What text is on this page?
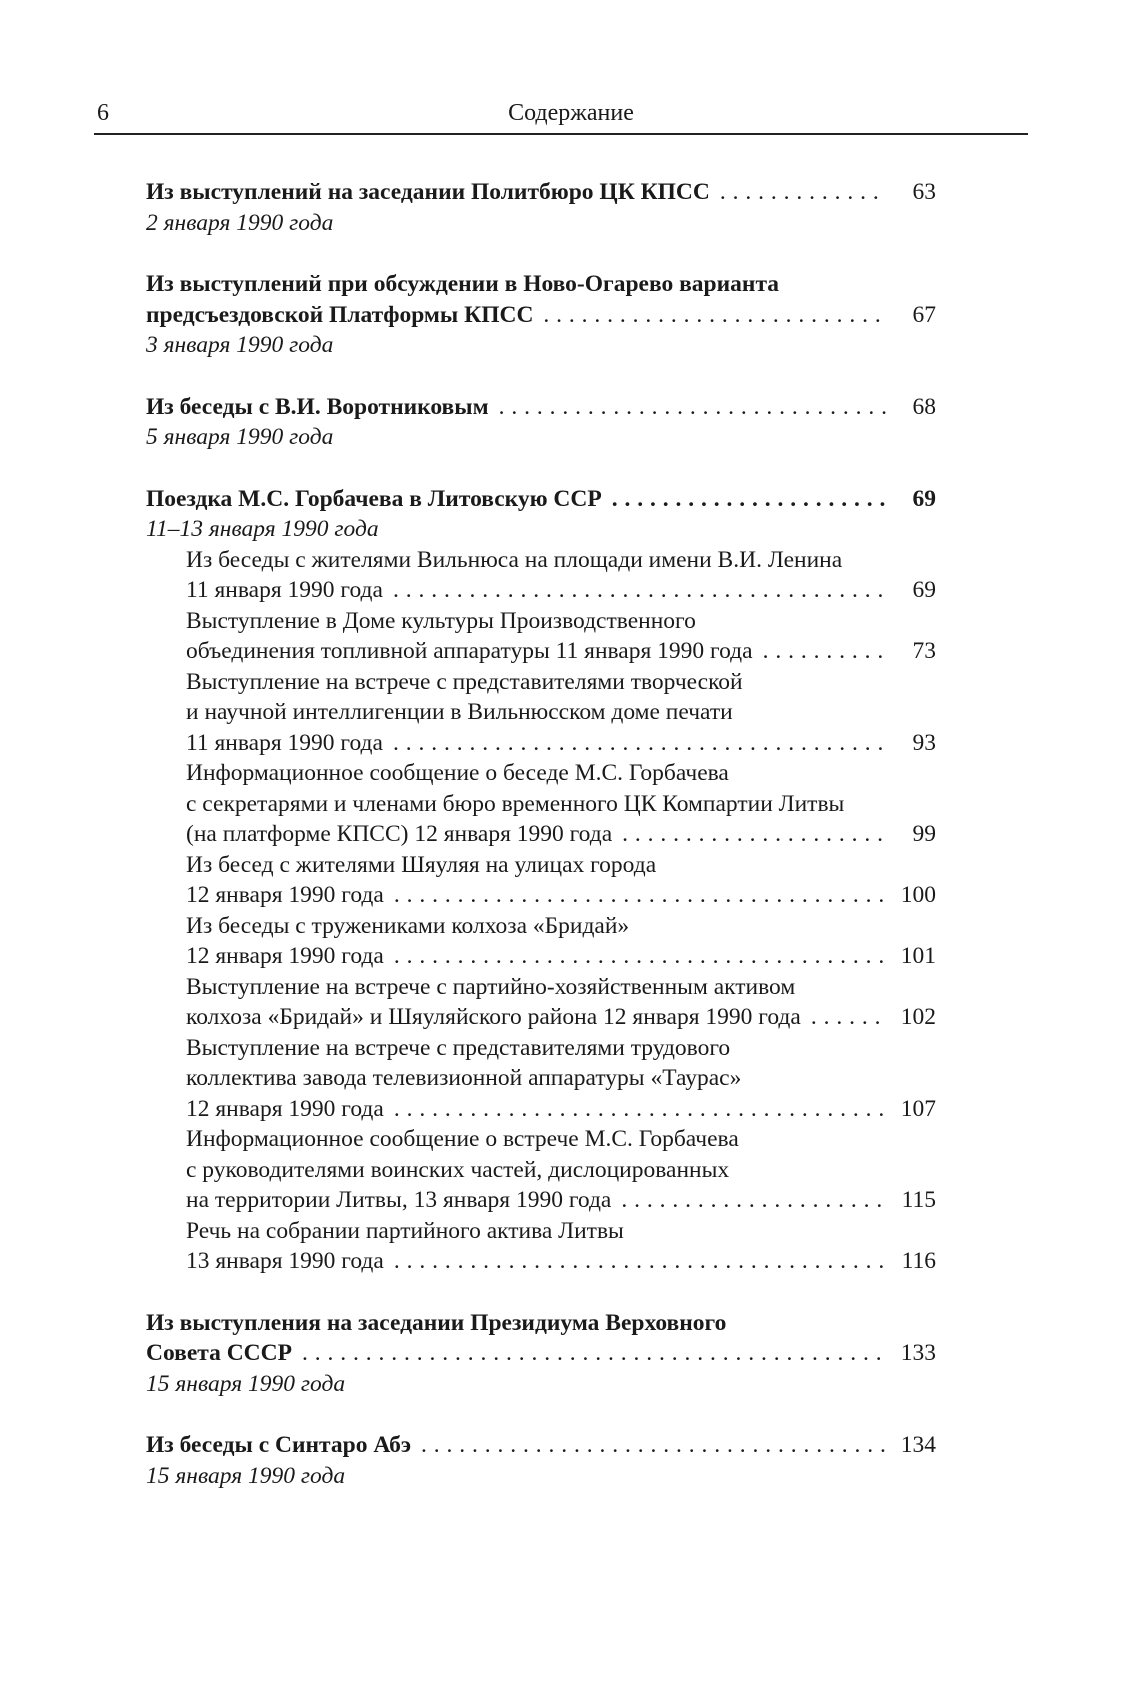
6	Содержание
Из выступлений на заседании Политбюро ЦК КПСС . . .	63
2 января 1990 года
Из выступлений при обсуждении в Ново-Огарево варианта
предсъездовской Платформы КПСС . . .	67
3 января 1990 года
Из беседы с В.И. Воротниковым . . .	68
5 января 1990 года
Поездка М.С. Горбачева в Литовскую ССР . . .	69
11–13 января 1990 года
Из беседы с жителями Вильнюса на площади имени В.И. Ленина
11 января 1990 года . . .	69
Выступление в Доме культуры Производственного
объединения топливной аппаратуры 11 января 1990 года . . .	73
Выступление на встрече с представителями творческой
и научной интеллигенции в Вильнюсском доме печати
11 января 1990 года . . .	93
Информационное сообщение о беседе М.С. Горбачева
с секретарями и членами бюро временного ЦК Компартии Литвы
(на платформе КПСС) 12 января 1990 года . . .	99
Из бесед с жителями Шяуляя на улицах города
12 января 1990 года . . .	100
Из беседы с тружениками колхоза «Бридай»
12 января 1990 года . . .	101
Выступление на встрече с партийно-хозяйственным активом
колхоза «Бридай» и Шяуляйского района 12 января 1990 года . . .	102
Выступление на встрече с представителями трудового
коллектива завода телевизионной аппаратуры «Таурас»
12 января 1990 года . . .	107
Информационное сообщение о встрече М.С. Горбачева
с руководителями воинских частей, дислоцированных
на территории Литвы, 13 января 1990 года . . .	115
Речь на собрании партийного актива Литвы
13 января 1990 года . . .	116
Из выступления на заседании Президиума Верховного
Совета СССР . . .	133
15 января 1990 года
Из беседы с Синтаро Абэ . . .	134
15 января 1990 года
